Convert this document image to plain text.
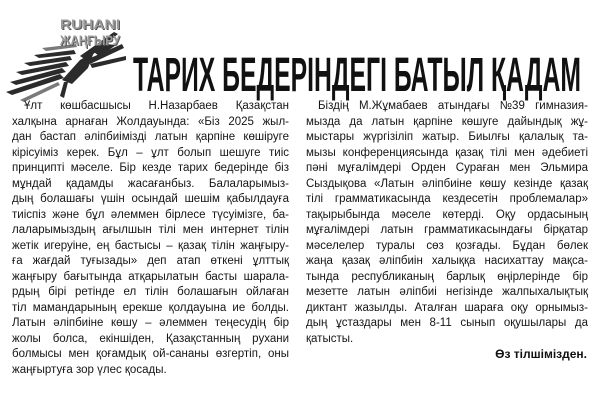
RUHANI
ЖАҢҒЫРУ
ТАРИХ БЕДЕРІНДЕГІ БАТЫЛ ҚАДАМ
Ұлт көшбасшысы Н.Назарбаев Қазақстан
халқына арнаған Жолдауында: «Біз 2025 жыл-
дан бастап әліпбиімізді латын қарпіне көшіруге
кірісуіміз керек. Бұл – ұлт болып шешуге тиіс
принципті мәселе. Бір кезде тарих бедерінде біз
мұндай қадамды жасағанбыз. Балаларымыз-
дың болашағы үшін осындай шешім қабылдауға
тиіспіз және бұл әлеммен бірлесе түсуімізге, ба-
лаларымыздың ағылшын тілі мен интернет тілін
жетік игеруіне, ең бастысы – қазақ тілін жаңғыру-
ға жағдай туғызады» деп атап өткені ұлттық
жаңғыру бағытында атқарылатын басты шарала-
рдың бірі ретінде ел тілін болашағын ойлаған
тіл мамандарының ерекше қолдауына ие болды.
Латын әліпбиіне көшу – әлеммен теңесудің бір
жолы болса, екіншіден, Қазақстанның рухани
болмысы мен қоғамдық ой-сананы өзгертіп, оны
жаңғыртуға зор үлес қосады.
Біздің М.Жұмабаев атындағы №39 гимназия-
мызда да латын қарпіне көшуге дайындық жұ-
мыстары жүргізіліп жатыр. Биылғы қалалық та-
мызы конференциясында қазақ тілі мен әдебиеті
пәні мұғалімдері Орден Сураған мен Эльмира
Сыздықова «Латын әліпбиіне көшу кезінде қазақ
тілі грамматикасында кездесетін проблемалар»
тақырыбында мәселе көтерді. Оқу ордасының
мұғалімдері латын грамматикасындағы бірқатар
мәселелер туралы сөз қозғады. Бұдан бөлек
жаңа қазақ әліпбиін халыққа насихаттау мақса-
тында республиканың барлық өңірлерінде бір
мезетте латын әліпбиі негізінде жалпыхалықтық
диктант жазылды. Аталған шараға оқу орнымыз-
дың ұстаздары мен 8-11 сынып оқушылары да
қатысты.
Өз тілшімізден.
